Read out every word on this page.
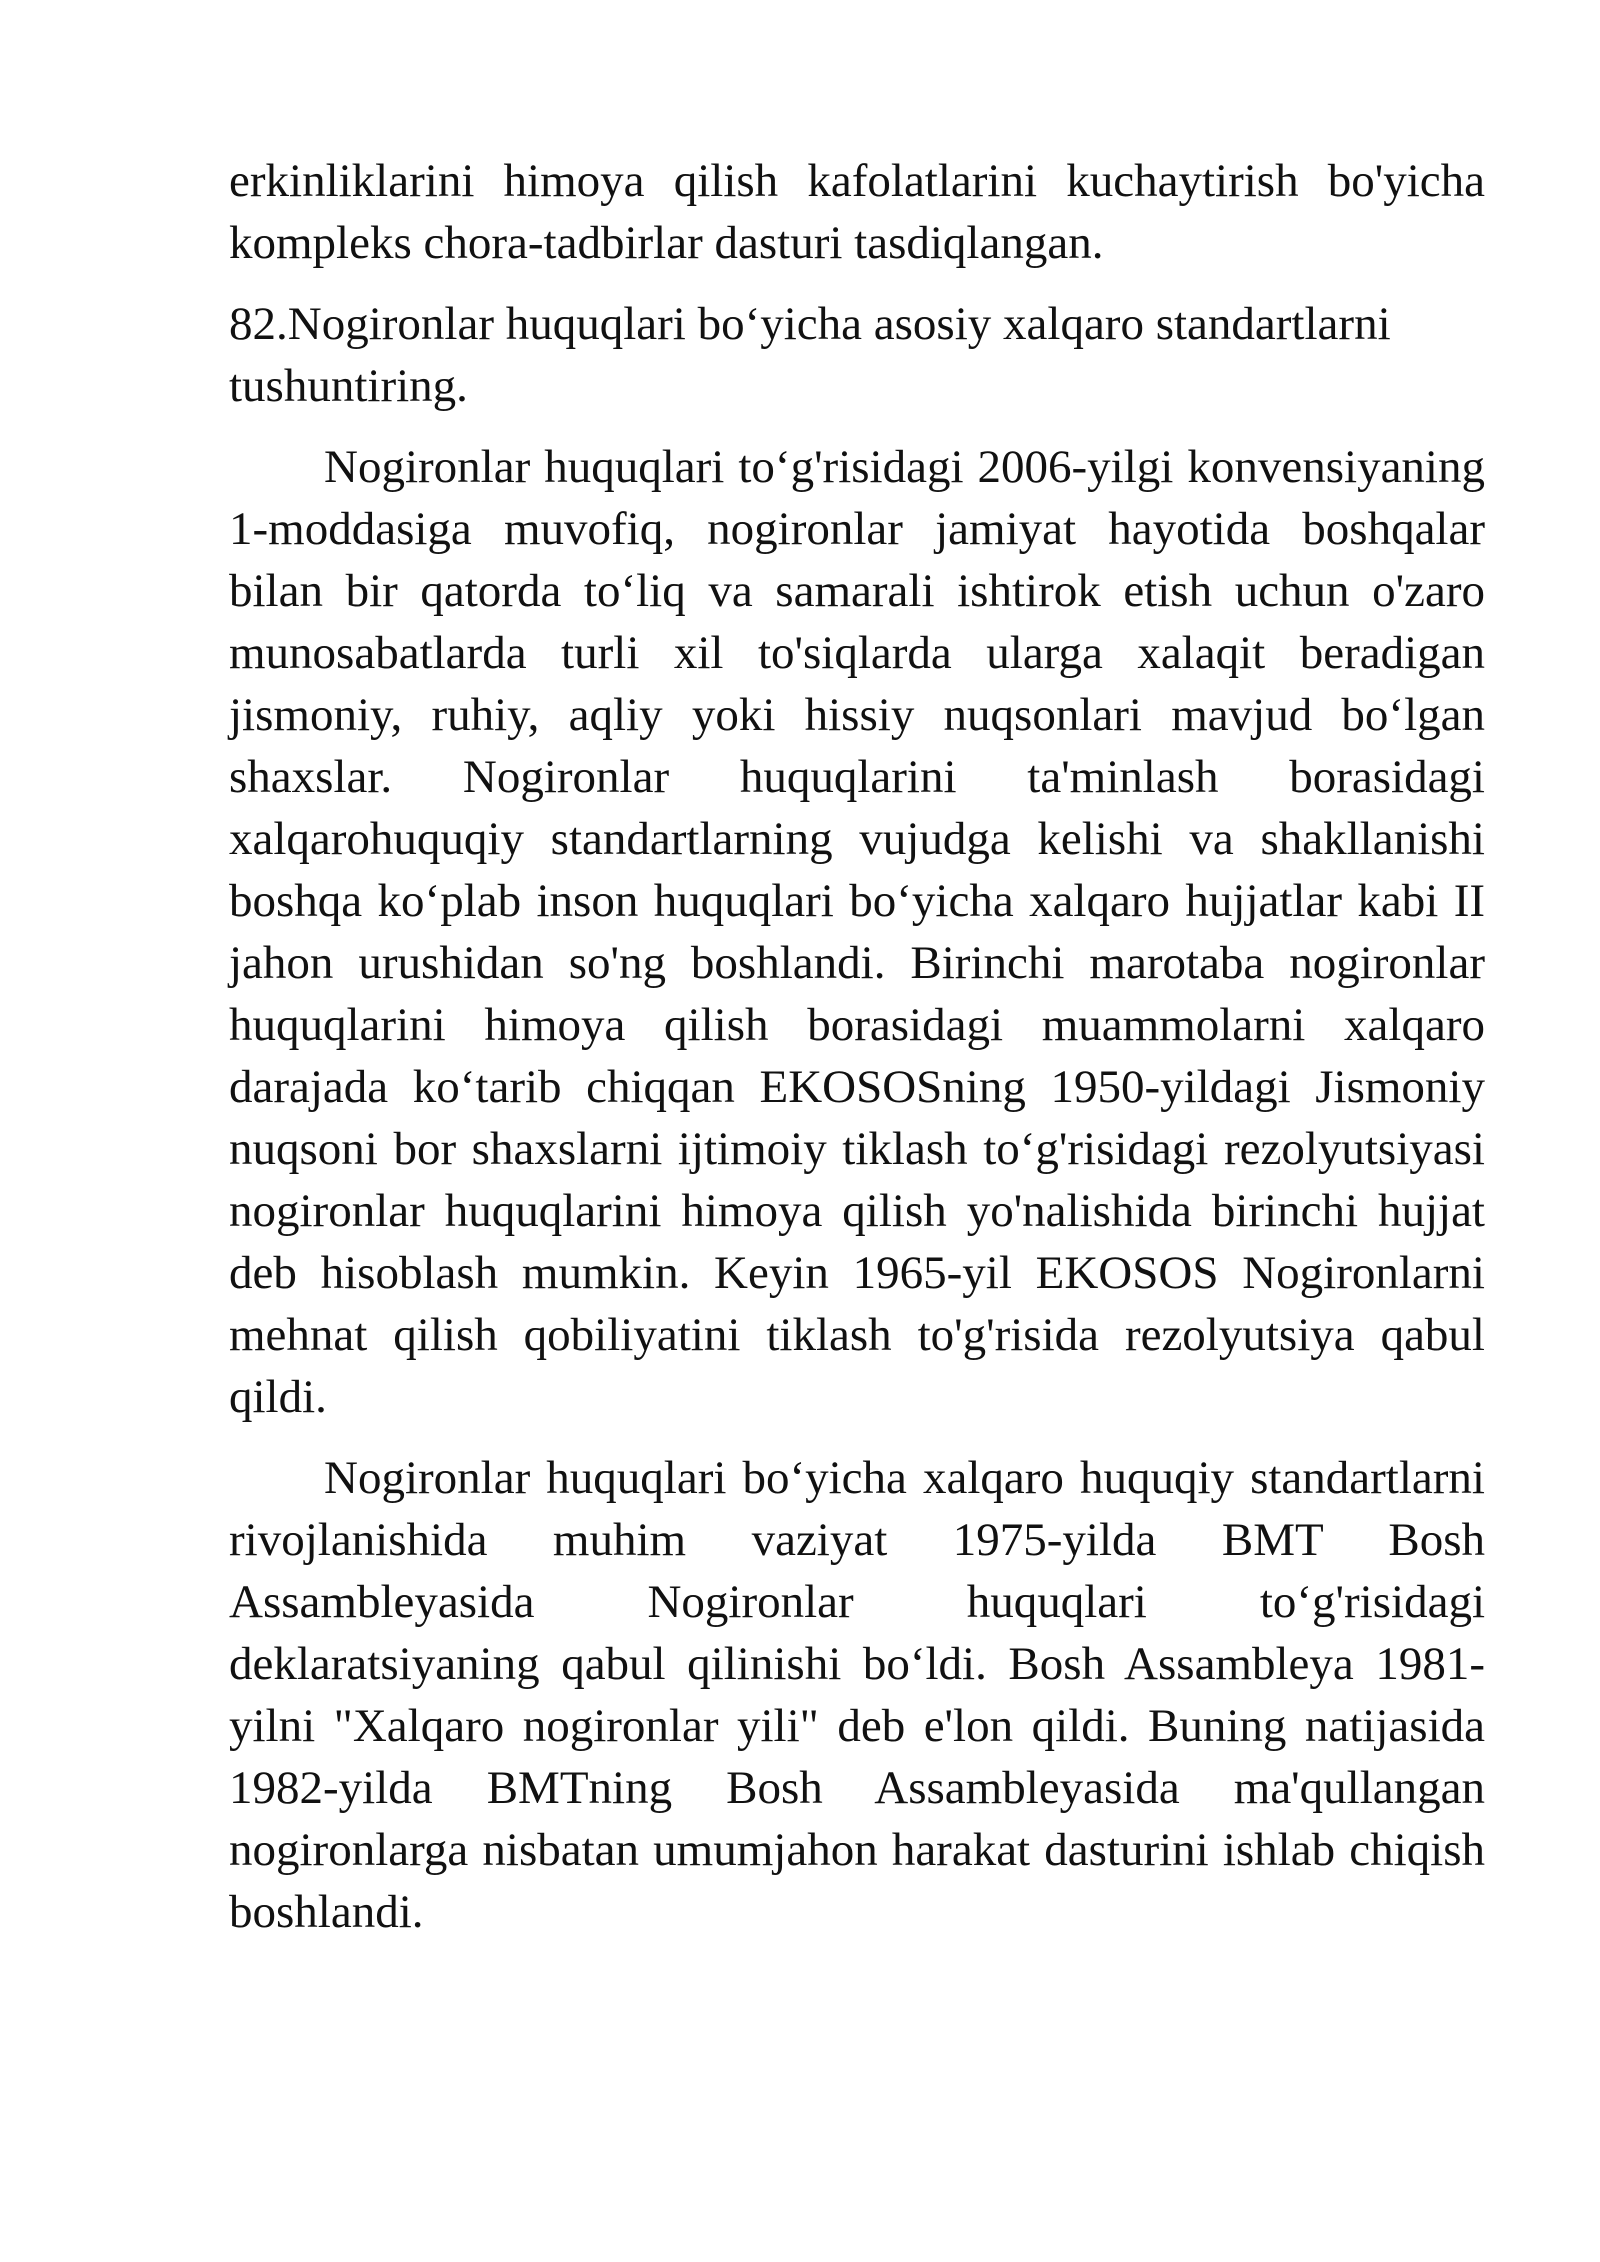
erkinliklarini himoya qilish kafolatlarini kuchaytirish bo'yicha kompleks chora-tadbirlar dasturi tasdiqlangan.

82.Nogironlar huquqlari bo‘yicha asosiy xalqaro standartlarni tushuntiring.

Nogironlar huquqlari to‘g'risidagi 2006-yilgi konvensiyaning 1-moddasiga muvofiq, nogironlar jamiyat hayotida boshqalar bilan bir qatorda to‘liq va samarali ishtirok etish uchun o'zaro munosabatlarda turli xil to'siqlarda ularga xalaqit beradigan jismoniy, ruhiy, aqliy yoki hissiy nuqsonlari mavjud bo‘lgan shaxslar. Nogironlar huquqlarini ta'minlash borasidagi xalqarohuquqiy standartlarning vujudga kelishi va shakllanishi boshqa ko‘plab inson huquqlari bo‘yicha xalqaro hujjatlar kabi II jahon urushidan so'ng boshlandi. Birinchi marotaba nogironlar huquqlarini himoya qilish borasidagi muammolarni xalqaro darajada ko‘tarib chiqqan EKOSOSning 1950-yildagi Jismoniy nuqsoni bor shaxslarni ijtimoiy tiklash to‘g'risidagi rezolyutsiyasi nogironlar huquqlarini himoya qilish yo'nalishida birinchi hujjat deb hisoblash mumkin. Keyin 1965-yil EKOSOS Nogironlarni mehnat qilish qobiliyatini tiklash to'g'risida rezolyutsiya qabul qildi.

Nogironlar huquqlari bo‘yicha xalqaro huquqiy standartlarni rivojlanishida muhim vaziyat 1975-yilda BMT Bosh Assambleyasida Nogironlar huquqlari to‘g'risidagi deklaratsiyaning qabul qilinishi bo‘ldi. Bosh Assambleya 1981-yilni "Xalqaro nogironlar yili" deb e'lon qildi. Buning natijasida 1982-yilda BMTning Bosh Assambleyasida ma'qullangan nogironlarga nisbatan umumjahon harakat dasturini ishlab chiqish boshlandi.
